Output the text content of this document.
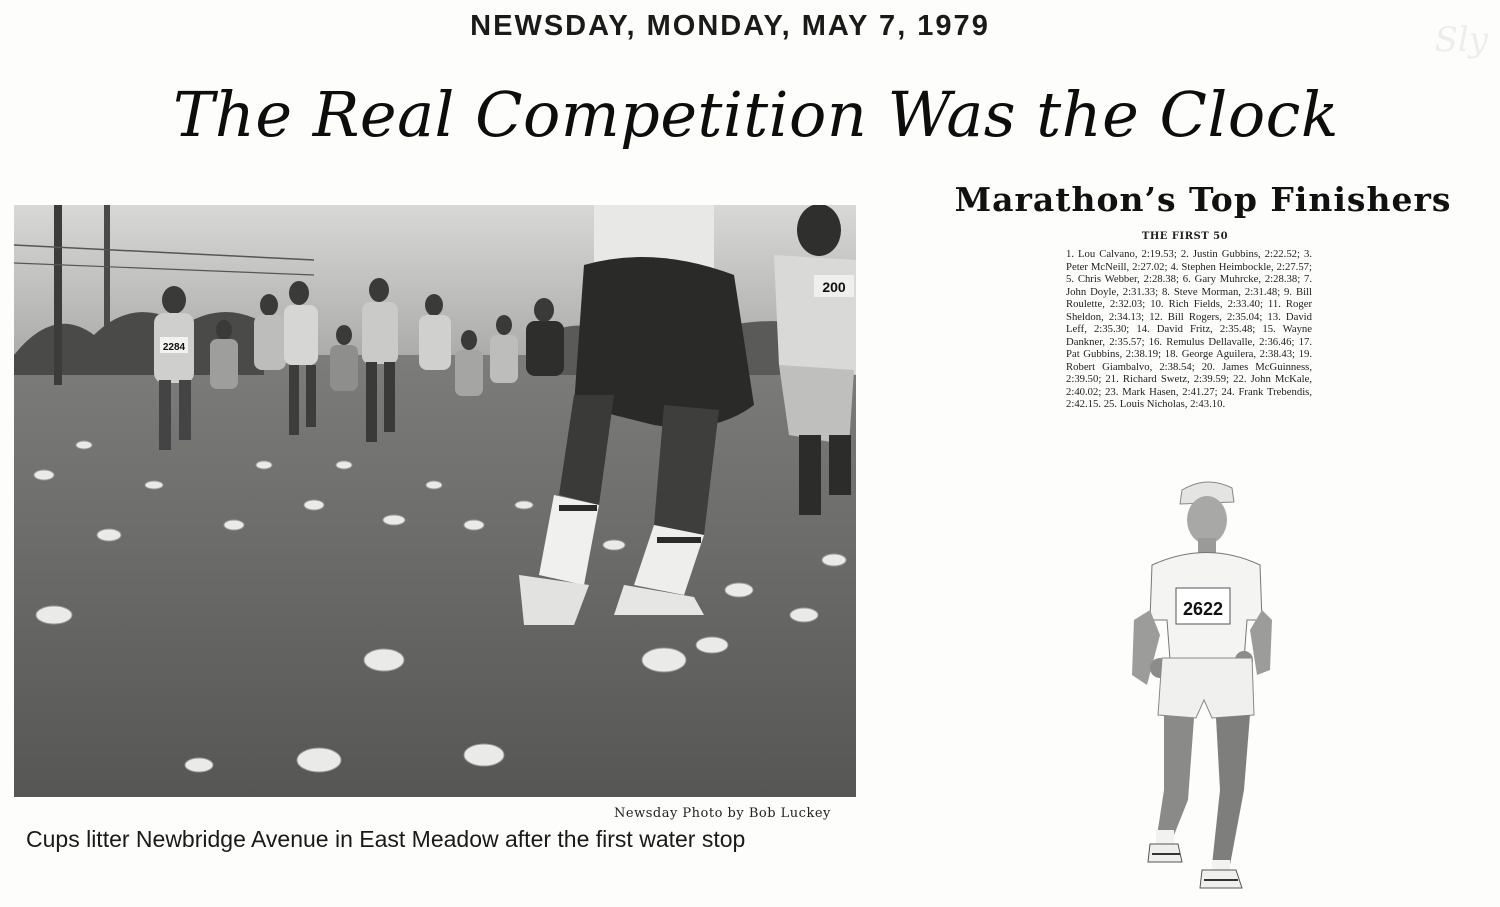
NEWSDAY, MONDAY, MAY 7, 1979
The Real Competition Was the Clock
Sly
2284
200
Newsday Photo by Bob Luckey
Cups litter Newbridge Avenue in East Meadow after the first water stop
Marathon’s Top Finishers
THE FIRST 50
1. Lou Calvano, 2:19.53; 2. Justin Gubbins, 2:22.52; 3. Peter McNeill, 2:27.02; 4. Stephen Heimbockle, 2:27.57; 5. Chris Webber, 2:28.38; 6. Gary Muhrcke, 2:28.38; 7. John Doyle, 2:31.33; 8. Steve Morman, 2:31.48; 9. Bill Roulette, 2:32.03; 10. Rich Fields, 2:33.40; 11. Roger Sheldon, 2:34.13; 12. Bill Rogers, 2:35.04; 13. David Leff, 2:35.30; 14. David Fritz, 2:35.48; 15. Wayne Dankner, 2:35.57; 16. Remulus Dellavalle, 2:36.46; 17. Pat Gubbins, 2:38.19; 18. George Aguilera, 2:38.43; 19. Robert Giambalvo, 2:38.54; 20. James McGuinness, 2:39.50; 21. Richard Swetz, 2:39.59; 22. John McKale, 2:40.02; 23. Mark Hasen, 2:41.27; 24. Frank Trebendis, 2:42.15. 25. Louis Nicholas, 2:43.10.
2622
